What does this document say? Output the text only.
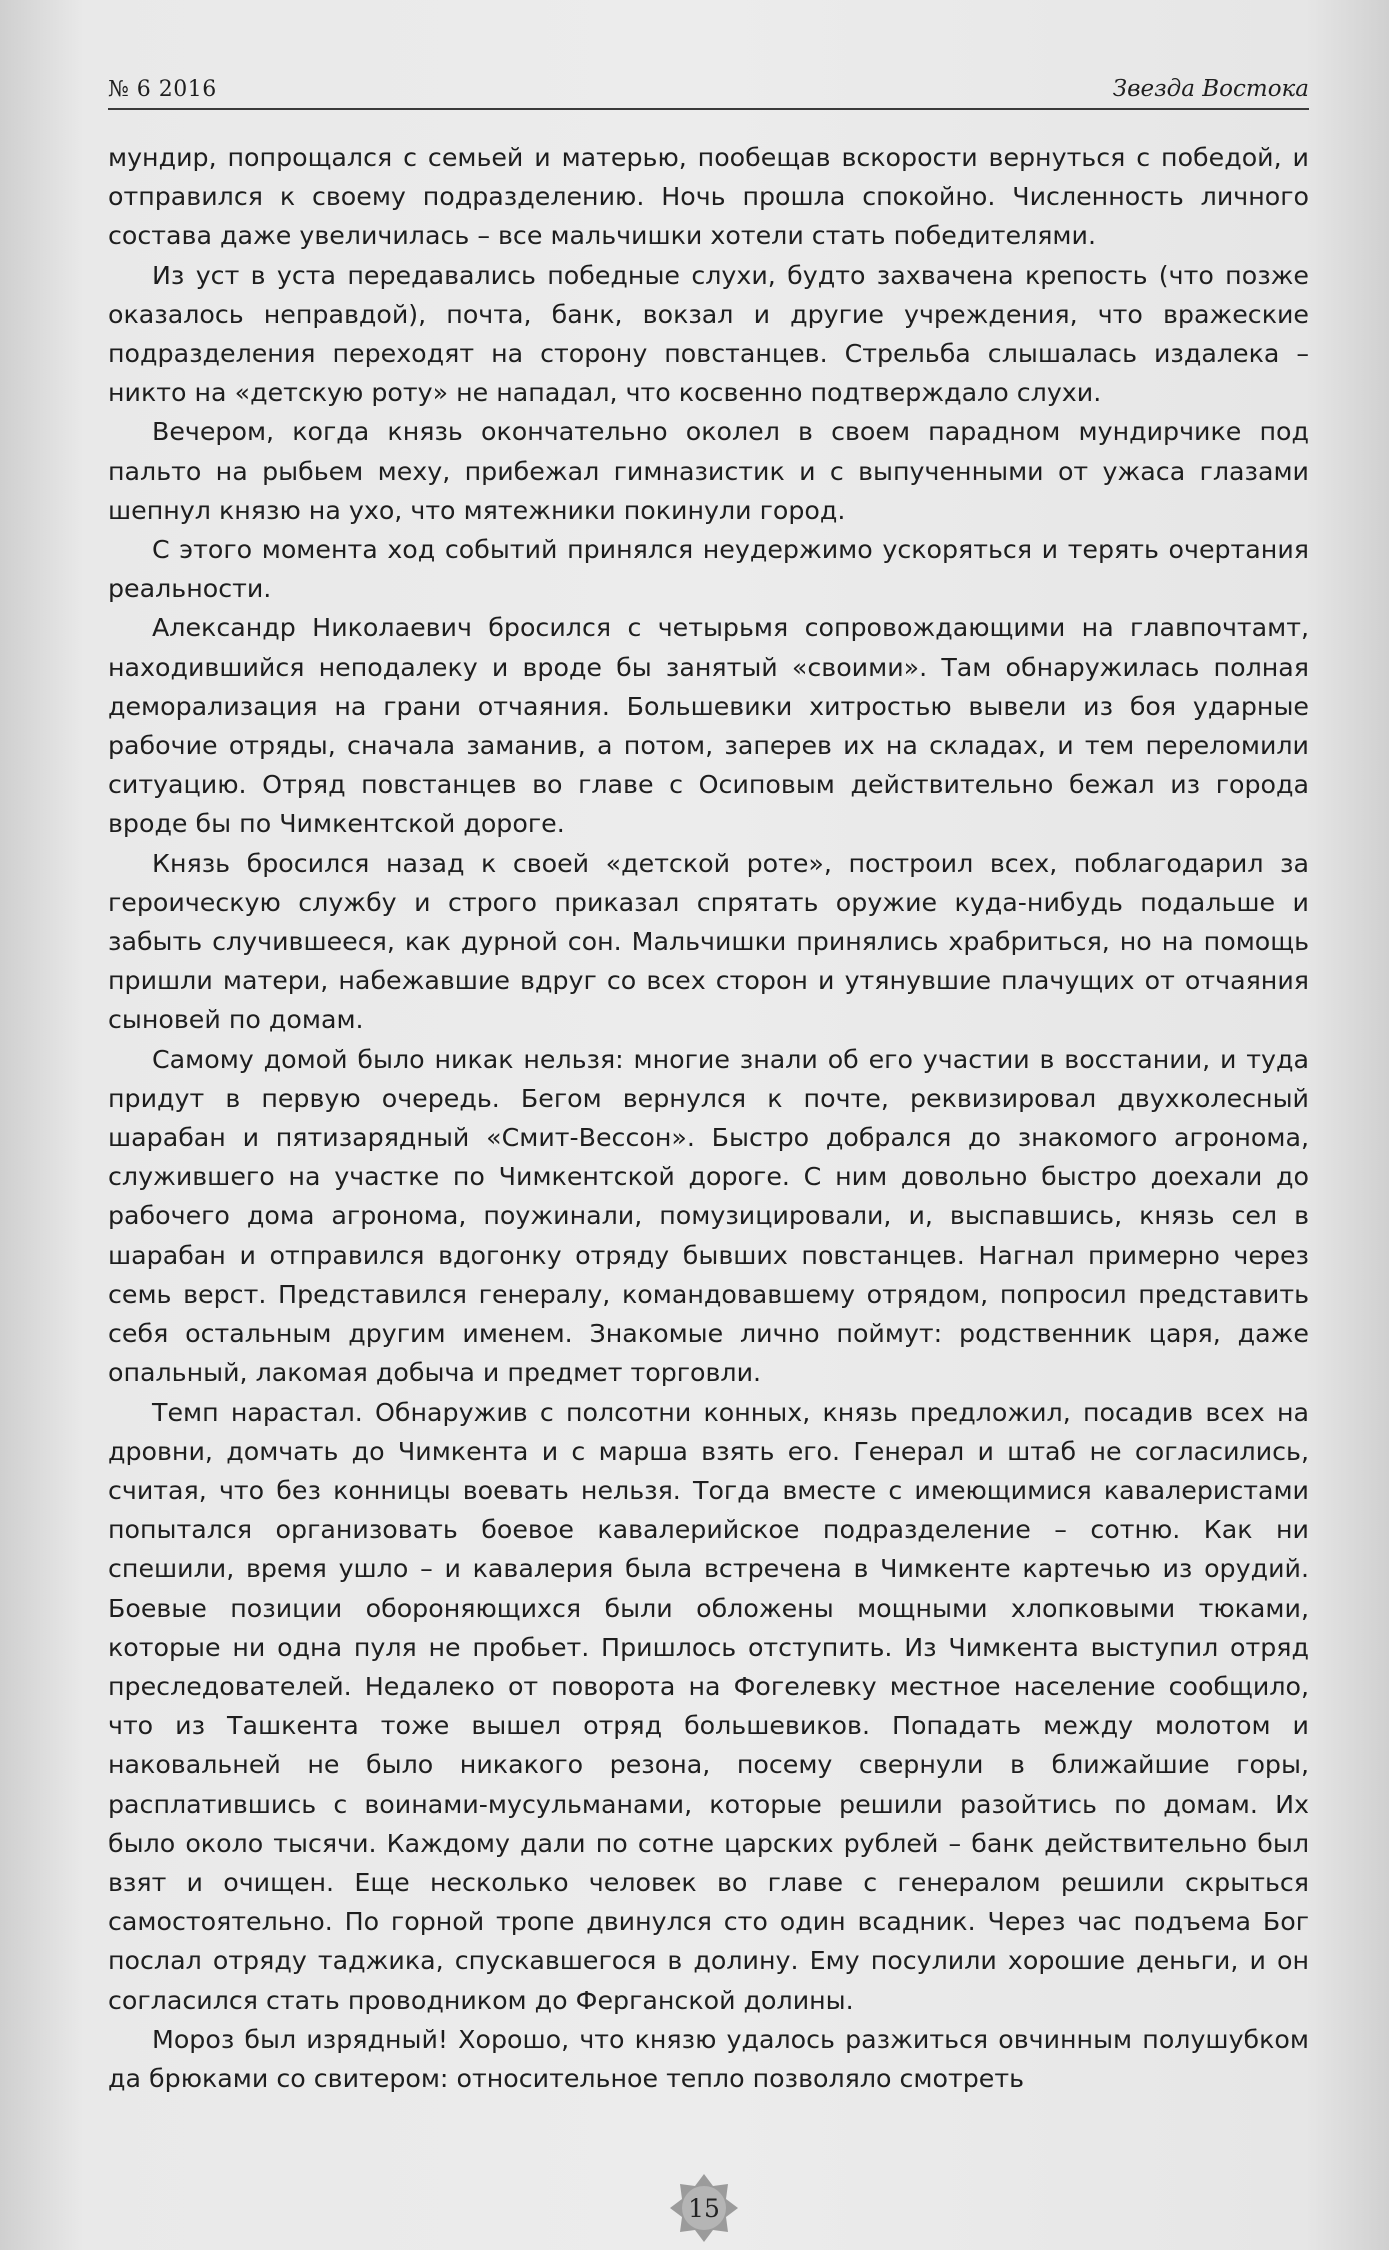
№ 6 2016	Звезда Востока

мундир, попрощался с семьей и матерью, пообещав вскорости вернуться с победой, и отправился к своему подразделению. Ночь прошла спокойно. Численность личного состава даже увеличилась – все мальчишки хотели стать победителями.

Из уст в уста передавались победные слухи, будто захвачена крепость (что позже оказалось неправдой), почта, банк, вокзал и другие учреждения, что вражеские подразделения переходят на сторону повстанцев. Стрельба слышалась издалека – никто на «детскую роту» не нападал, что косвенно подтверждало слухи.

Вечером, когда князь окончательно околел в своем парадном мундирчике под пальто на рыбьем меху, прибежал гимназистик и с выпученными от ужаса глазами шепнул князю на ухо, что мятежники покинули город.

С этого момента ход событий принялся неудержимо ускоряться и терять очертания реальности.

Александр Николаевич бросился с четырьмя сопровождающими на главпочтамт, находившийся неподалеку и вроде бы занятый «своими». Там обнаружилась полная деморализация на грани отчаяния. Большевики хитростью вывели из боя ударные рабочие отряды, сначала заманив, а потом, заперев их на складах, и тем переломили ситуацию. Отряд повстанцев во главе с Осиповым действительно бежал из города вроде бы по Чимкентской дороге.

Князь бросился назад к своей «детской роте», построил всех, поблагодарил за героическую службу и строго приказал спрятать оружие куда-нибудь подальше и забыть случившееся, как дурной сон. Мальчишки принялись храбриться, но на помощь пришли матери, набежавшие вдруг со всех сторон и утянувшие плачущих от отчаяния сыновей по домам.

Самому домой было никак нельзя: многие знали об его участии в восстании, и туда придут в первую очередь. Бегом вернулся к почте, реквизировал двухколесный шарабан и пятизарядный «Смит-Вессон». Быстро добрался до знакомого агронома, служившего на участке по Чимкентской дороге. С ним довольно быстро доехали до рабочего дома агронома, поужинали, помузицировали, и, выспавшись, князь сел в шарабан и отправился вдогонку отряду бывших повстанцев. Нагнал примерно через семь верст. Представился генералу, командовавшему отрядом, попросил представить себя остальным другим именем. Знакомые лично поймут: родственник царя, даже опальный, лакомая добыча и предмет торговли.

Темп нарастал. Обнаружив с полсотни конных, князь предложил, посадив всех на дровни, домчать до Чимкента и с марша взять его. Генерал и штаб не согласились, считая, что без конницы воевать нельзя. Тогда вместе с имеющимися кавалеристами попытался организовать боевое кавалерийское подразделение – сотню. Как ни спешили, время ушло – и кавалерия была встречена в Чимкенте картечью из орудий. Боевые позиции обороняющихся были обложены мощными хлопковыми тюками, которые ни одна пуля не пробьет. Пришлось отступить. Из Чимкента выступил отряд преследователей. Недалеко от поворота на Фогелевку местное население сообщило, что из Ташкента тоже вышел отряд большевиков. Попадать между молотом и наковальней не было никакого резона, посему свернули в ближайшие горы, расплатившись с воинами-мусульманами, которые решили разойтись по домам. Их было около тысячи. Каждому дали по сотне царских рублей – банк действительно был взят и очищен. Еще несколько человек во главе с генералом решили скрыться самостоятельно. По горной тропе двинулся сто один всадник. Через час подъема Бог послал отряду таджика, спускавшегося в долину. Ему посулили хорошие деньги, и он согласился стать проводником до Ферганской долины.

Мороз был изрядный! Хорошо, что князю удалось разжиться овчинным полушубком да брюками со свитером: относительное тепло позволяло смотреть

15
